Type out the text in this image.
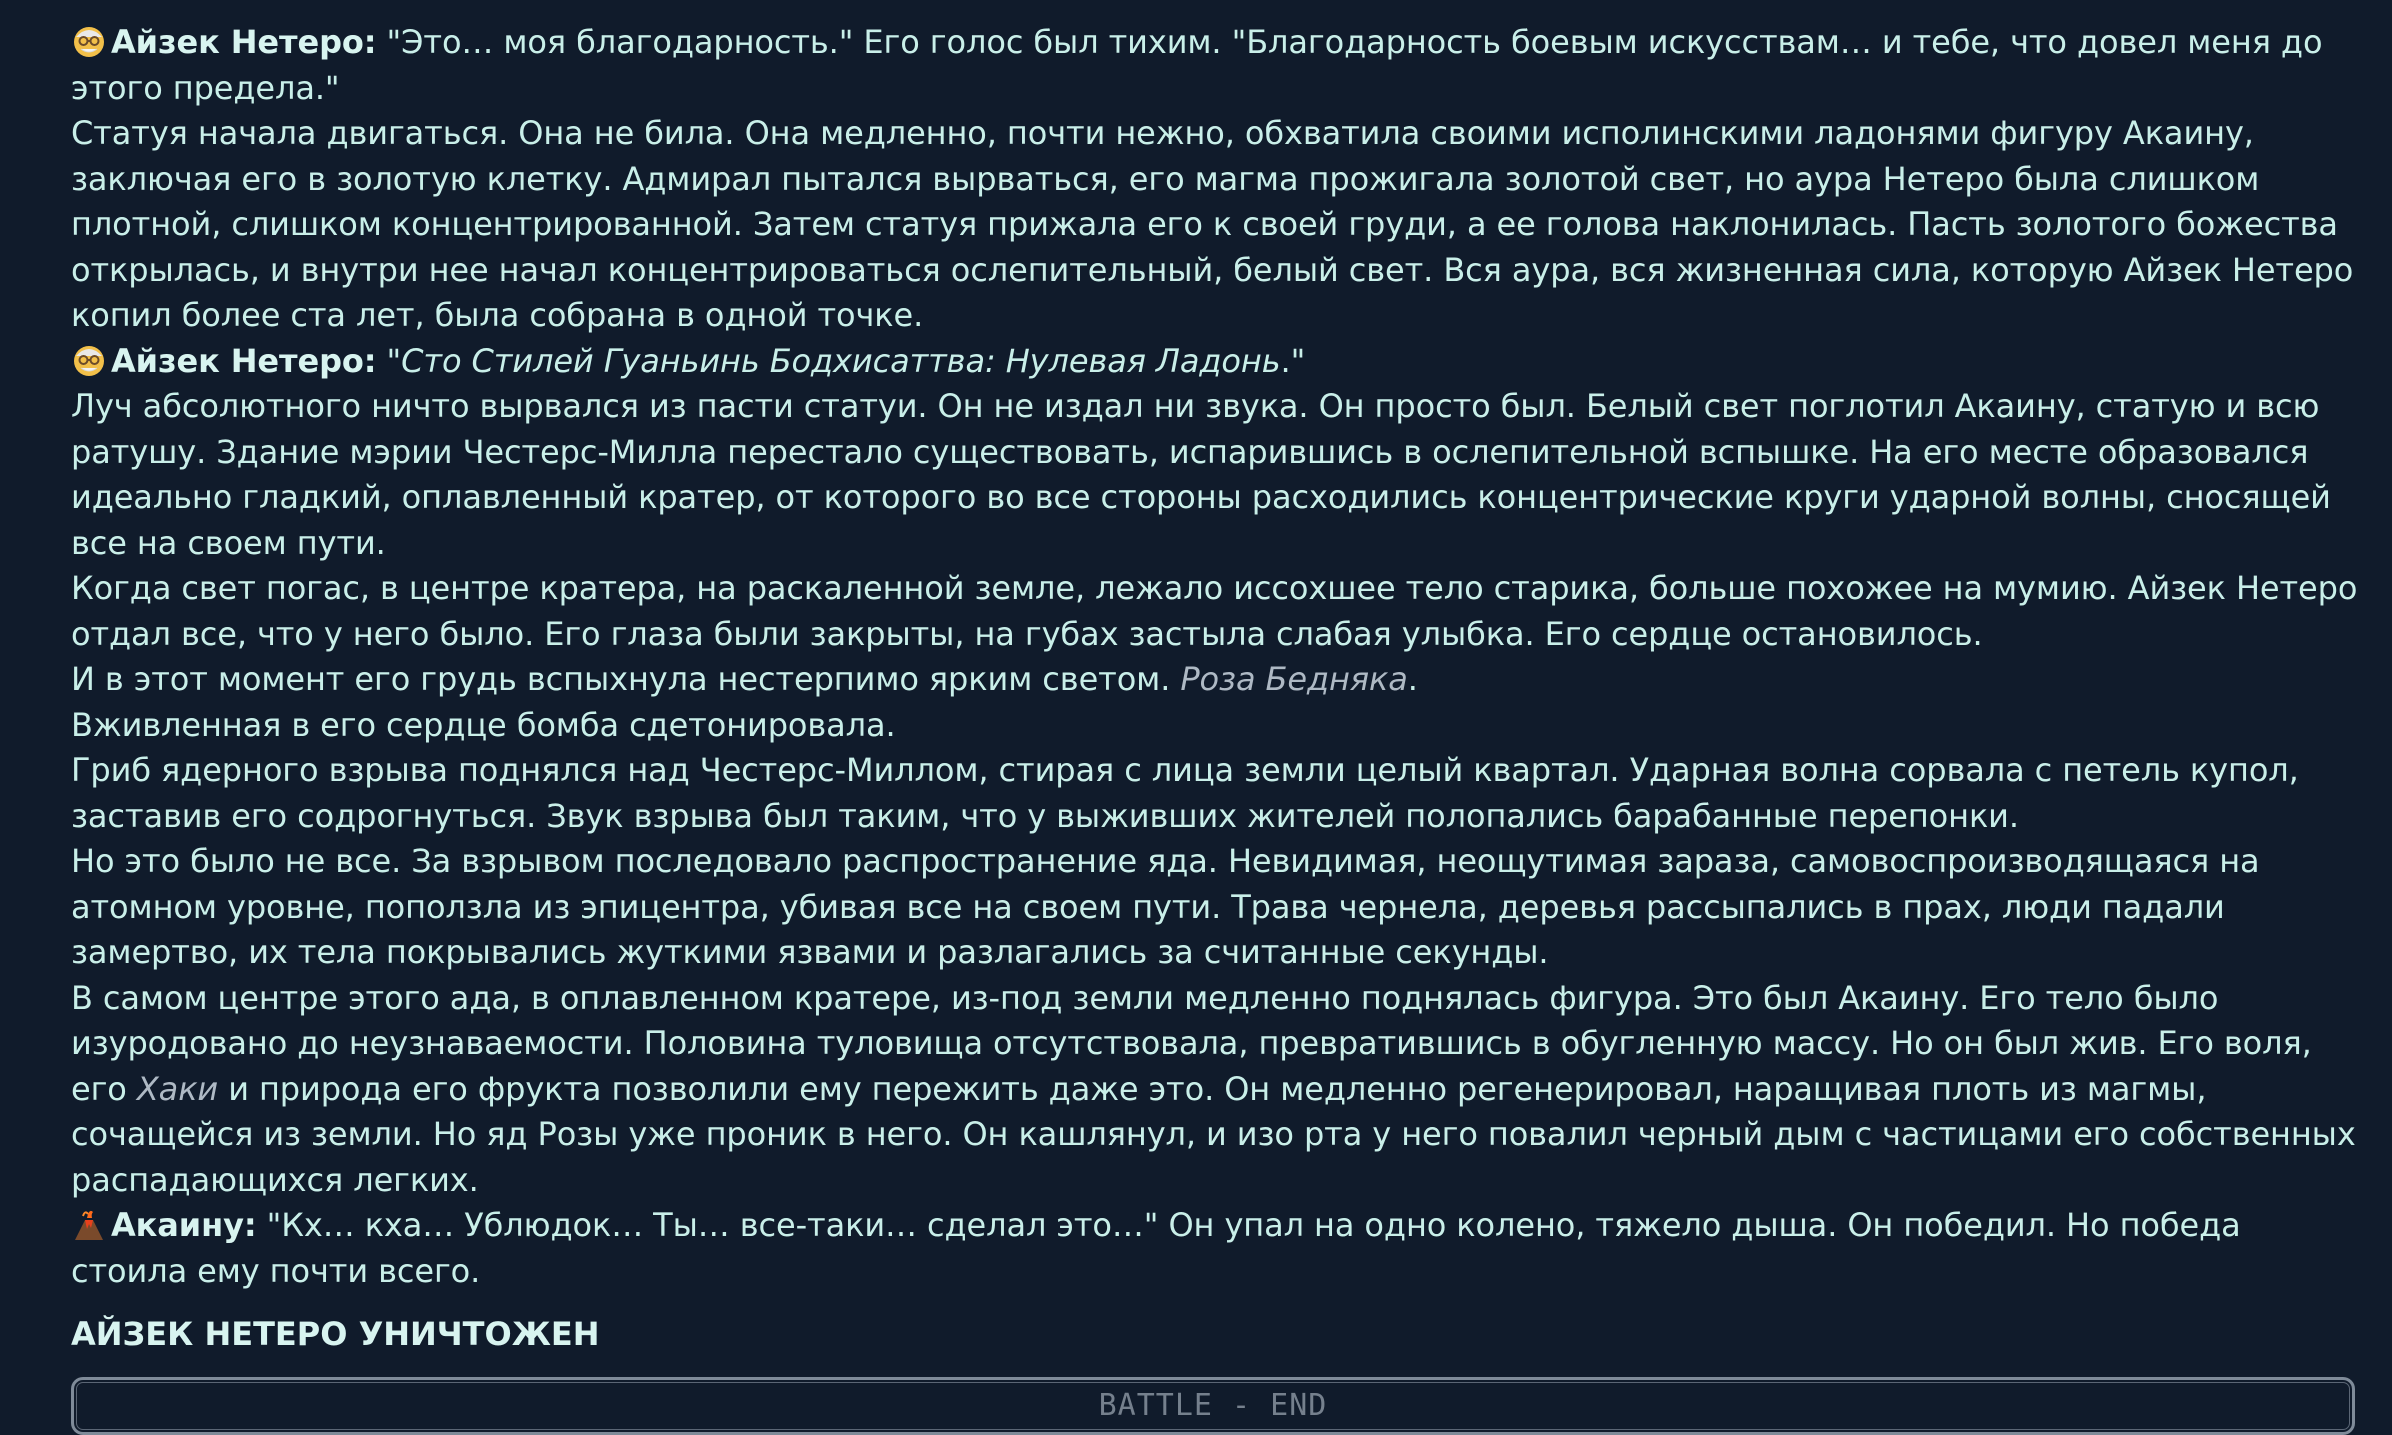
Айзек Нетеро: "Это… моя благодарность." Его голос был тихим. "Благодарность боевым искусствам… и тебе, что довел меня до этого предела."

Статуя начала двигаться. Она не била. Она медленно, почти нежно, обхватила своими исполинскими ладонями фигуру Акаину, заключая его в золотую клетку. Адмирал пытался вырваться, его магма прожигала золотой свет, но аура Нетеро была слишком плотной, слишком концентрированной. Затем статуя прижала его к своей груди, а ее голова наклонилась. Пасть золотого божества открылась, и внутри нее начал концентрироваться ослепительный, белый свет. Вся аура, вся жизненная сила, которую Айзек Нетеро копил более ста лет, была собрана в одной точке.

Айзек Нетеро: "Сто Стилей Гуаньинь Бодхисаттва: Нулевая Ладонь."

Луч абсолютного ничто вырвался из пасти статуи. Он не издал ни звука. Он просто был. Белый свет поглотил Акаину, статую и всю ратушу. Здание мэрии Честерс-Милла перестало существовать, испарившись в ослепительной вспышке. На его месте образовался идеально гладкий, оплавленный кратер, от которого во все стороны расходились концентрические круги ударной волны, сносящей все на своем пути.

Когда свет погас, в центре кратера, на раскаленной земле, лежало иссохшее тело старика, больше похожее на мумию. Айзек Нетеро отдал все, что у него было. Его глаза были закрыты, на губах застыла слабая улыбка. Его сердце остановилось.

И в этот момент его грудь вспыхнула нестерпимо ярким светом. Роза Бедняка.

Вживленная в его сердце бомба сдетонировала.

Гриб ядерного взрыва поднялся над Честерс-Миллом, стирая с лица земли целый квартал. Ударная волна сорвала с петель купол, заставив его содрогнуться. Звук взрыва был таким, что у выживших жителей полопались барабанные перепонки.

Но это было не все. За взрывом последовало распространение яда. Невидимая, неощутимая зараза, самовоспроизводящаяся на атомном уровне, поползла из эпицентра, убивая все на своем пути. Трава чернела, деревья рассыпались в прах, люди падали замертво, их тела покрывались жуткими язвами и разлагались за считанные секунды.

В самом центре этого ада, в оплавленном кратере, из-под земли медленно поднялась фигура. Это был Акаину. Его тело было изуродовано до неузнаваемости. Половина туловища отсутствовала, превратившись в обугленную массу. Но он был жив. Его воля, его Хаки и природа его фрукта позволили ему пережить даже это. Он медленно регенерировал, наращивая плоть из магмы, сочащейся из земли. Но яд Розы уже проник в него. Он кашлянул, и изо рта у него повалил черный дым с частицами его собственных распадающихся легких.

Акаину: "Кх… кха… Ублюдок… Ты… все-таки… сделал это…" Он упал на одно колено, тяжело дыша. Он победил. Но победа стоила ему почти всего.

АЙЗЕК НЕТЕРО УНИЧТОЖЕН
BATTLE - END
